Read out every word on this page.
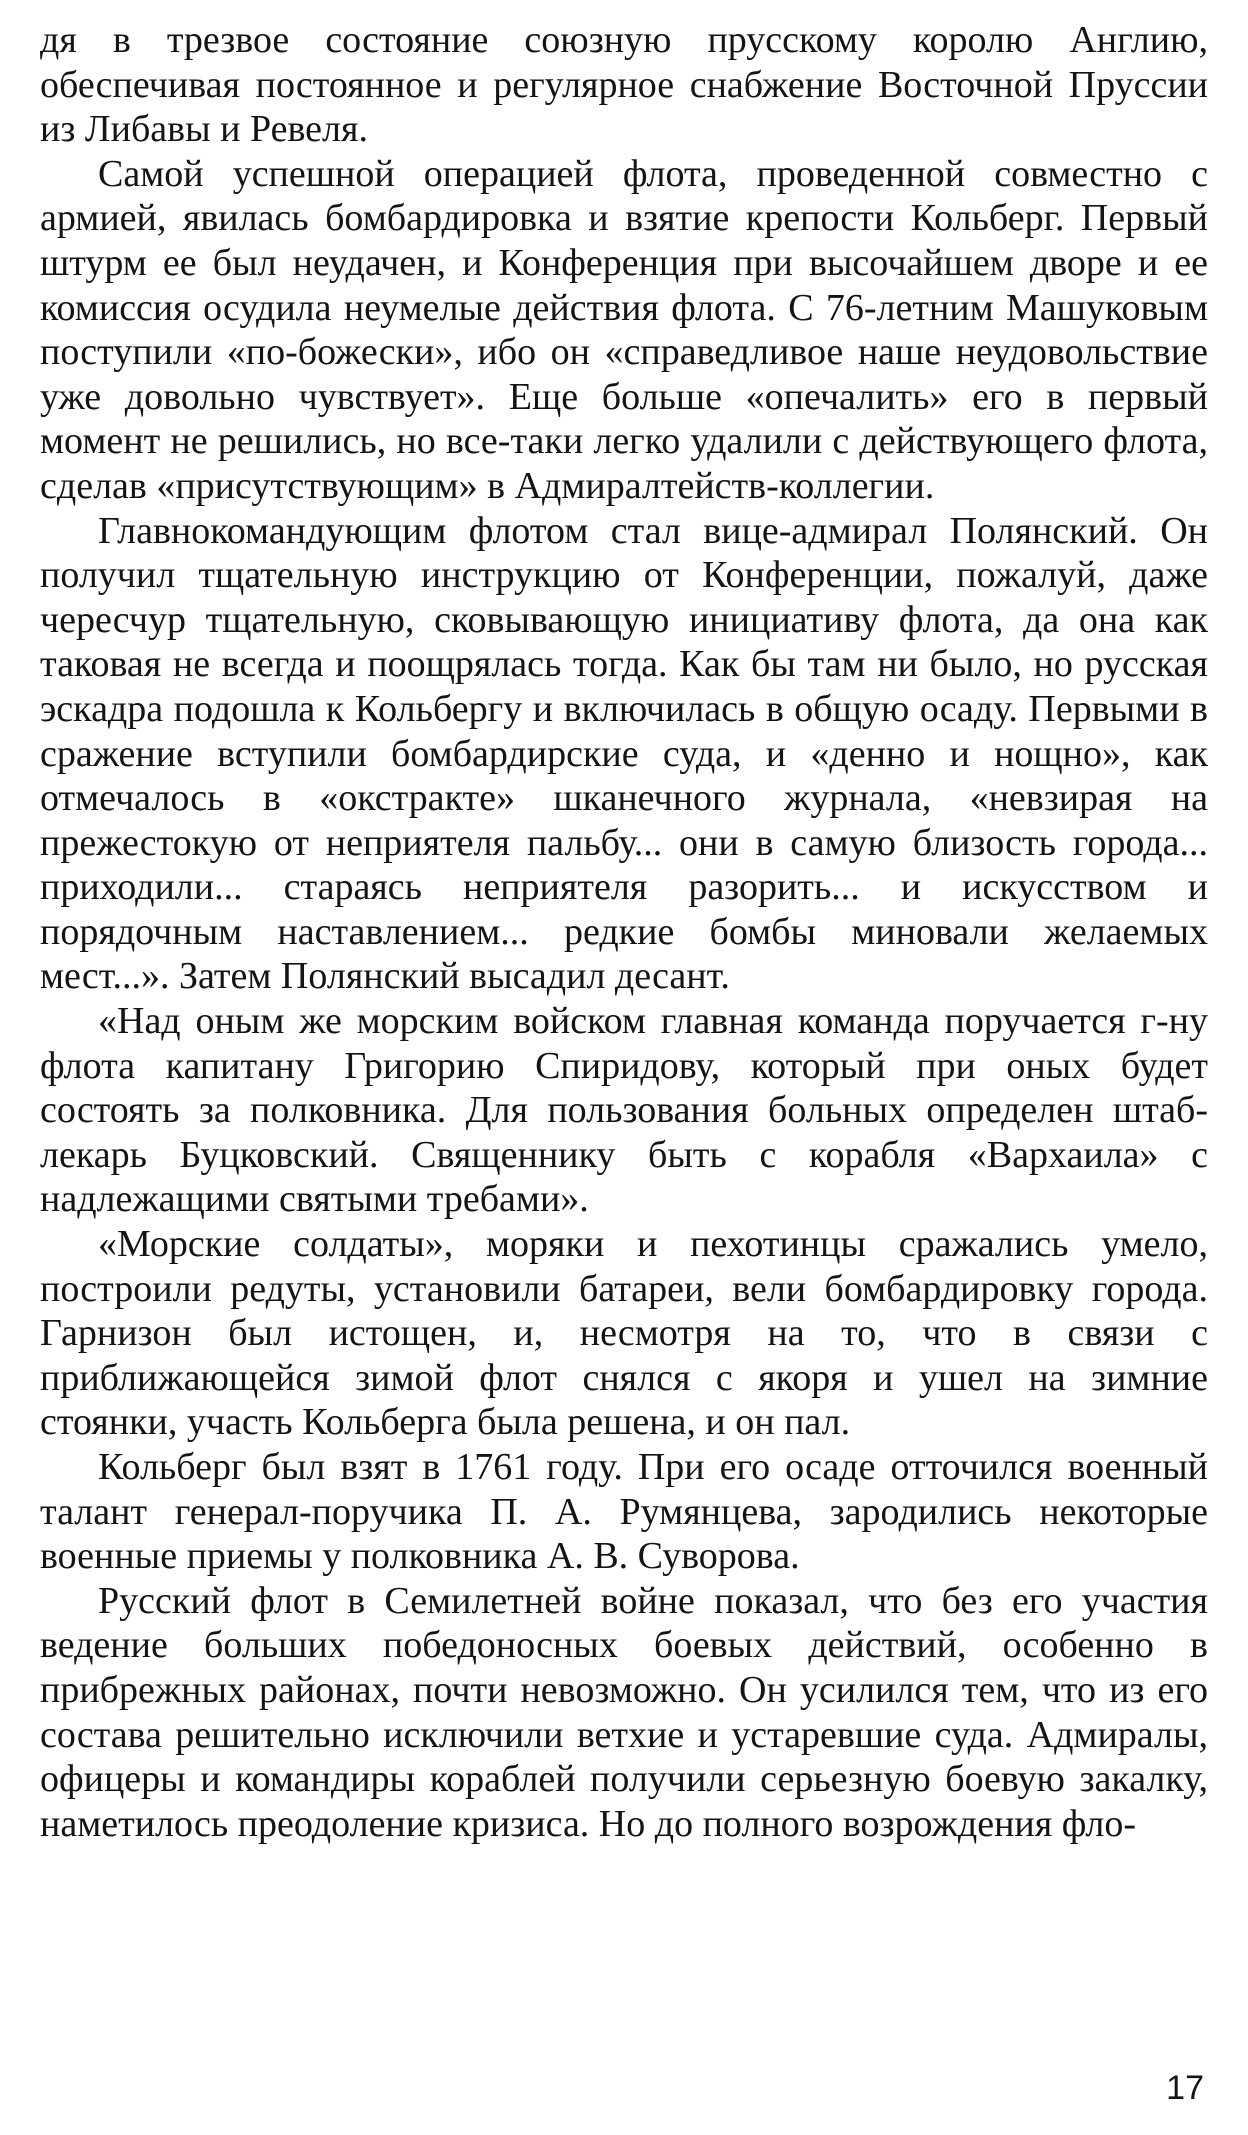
дя в трезвое состояние союзную прусскому королю Англию, обеспечивая постоянное и регулярное снабжение Восточной Пруссии из Либавы и Ревеля.

Самой успешной операцией флота, проведенной совместно с армией, явилась бомбардировка и взятие крепости Кольберг. Первый штурм ее был неудачен, и Конференция при высочайшем дворе и ее комиссия осудила неумелые действия флота. С 76-летним Машуковым поступили «по-божески», ибо он «справедливое наше неудовольствие уже довольно чувствует». Еще больше «опечалить» его в первый момент не решились, но все-таки легко удалили с действующего флота, сделав «присутствующим» в Адмиралтейств-коллегии.

Главнокомандующим флотом стал вице-адмирал Полянский. Он получил тщательную инструкцию от Конференции, пожалуй, даже чересчур тщательную, сковывающую инициативу флота, да она как таковая не всегда и поощрялась тогда. Как бы там ни было, но русская эскадра подошла к Кольбергу и включилась в общую осаду. Первыми в сражение вступили бомбардирские суда, и «денно и нощно», как отмечалось в «окстракте» шканечного журнала, «невзирая на прежестокую от неприятеля пальбу... они в самую близость города... приходили... стараясь неприятеля разорить... и искусством и порядочным наставлением... редкие бомбы миновали желаемых мест...». Затем Полянский высадил десант.

«Над оным же морским войском главная команда поручается г-ну флота капитану Григорию Спиридову, который при оных будет состоять за полковника. Для пользования больных определен штаб-лекарь Буцковский. Священнику быть с корабля «Вархаила» с надлежащими святыми требами».

«Морские солдаты», моряки и пехотинцы сражались умело, построили редуты, установили батареи, вели бомбардировку города. Гарнизон был истощен, и, несмотря на то, что в связи с приближающейся зимой флот снялся с якоря и ушел на зимние стоянки, участь Кольберга была решена, и он пал.

Кольберг был взят в 1761 году. При его осаде отточился военный талант генерал-поручика П. А. Румянцева, зародились некоторые военные приемы у полковника А. В. Суворова.

Русский флот в Семилетней войне показал, что без его участия ведение больших победоносных боевых действий, особенно в прибрежных районах, почти невозможно. Он усилился тем, что из его состава решительно исключили ветхие и устаревшие суда. Адмиралы, офицеры и командиры кораблей получили серьезную боевую закалку, наметилось преодоление кризиса. Но до полного возрождения фло-

17
